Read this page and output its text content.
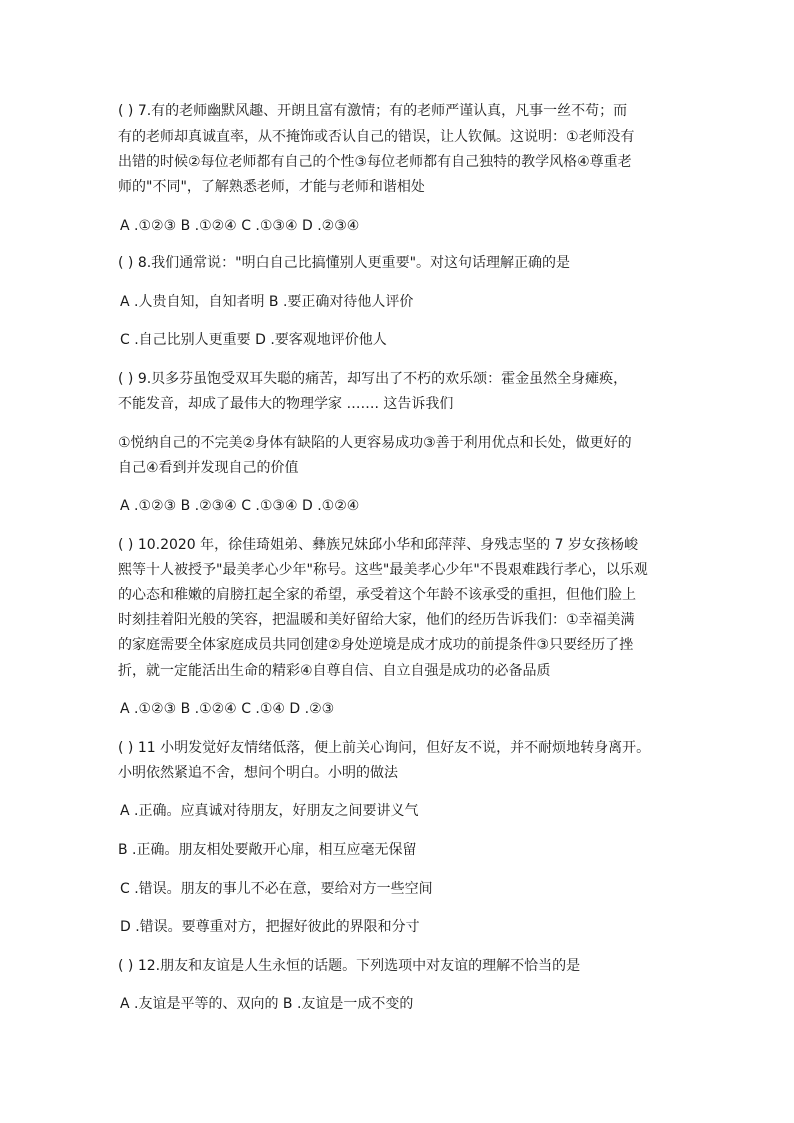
( ) 7.有的老师幽默风趣、开朗且富有激情；有的老师严谨认真，凡事一丝不苟；而
有的老师却真诚直率，从不掩饰或否认自己的错误，让人钦佩。这说明：①老师没有
出错的时候②每位老师都有自己的个性③每位老师都有自己独特的教学风格④尊重老
师的"不同"，了解熟悉老师，才能与老师和谐相处
A .①②③ B .①②④ C .①③④ D .②③④
( ) 8.我们通常说："明白自己比搞懂别人更重要"。对这句话理解正确的是
A .人贵自知，自知者明 B .要正确对待他人评价
C .自己比别人更重要 D .要客观地评价他人
( ) 9.贝多芬虽饱受双耳失聪的痛苦，却写出了不朽的欢乐颂：霍金虽然全身瘫痪，
不能发音，却成了最伟大的物理学家 ……. 这告诉我们
①悦纳自己的不完美②身体有缺陷的人更容易成功③善于利用优点和长处，做更好的
自己④看到并发现自己的价值
A .①②③ B .②③④ C .①③④ D .①②④
( ) 10.2020 年，徐佳琦姐弟、彝族兄妹邱小华和邱萍萍、身残志坚的 7 岁女孩杨峻
熙等十人被授予"最美孝心少年"称号。这些"最美孝心少年"不畏艰难践行孝心，以乐观
的心态和稚嫩的肩膀扛起全家的希望，承受着这个年龄不该承受的重担，但他们脸上
时刻挂着阳光般的笑容，把温暖和美好留给大家，他们的经历告诉我们：①幸福美满
的家庭需要全体家庭成员共同创建②身处逆境是成才成功的前提条件③只要经历了挫
折，就一定能活出生命的精彩④自尊自信、自立自强是成功的必备品质
A .①②③ B .①②④ C .①④ D .②③
( ) 11 小明发觉好友情绪低落，便上前关心询问，但好友不说，并不耐烦地转身离开。
小明依然紧追不舍，想问个明白。小明的做法
A .正确。应真诚对待朋友，好朋友之间要讲义气
B .正确。朋友相处要敞开心扉，相互应毫无保留
C .错误。朋友的事儿不必在意，要给对方一些空间
D .错误。要尊重对方，把握好彼此的界限和分寸
( ) 12.朋友和友谊是人生永恒的话题。下列选项中对友谊的理解不恰当的是
A .友谊是平等的、双向的 B .友谊是一成不变的
